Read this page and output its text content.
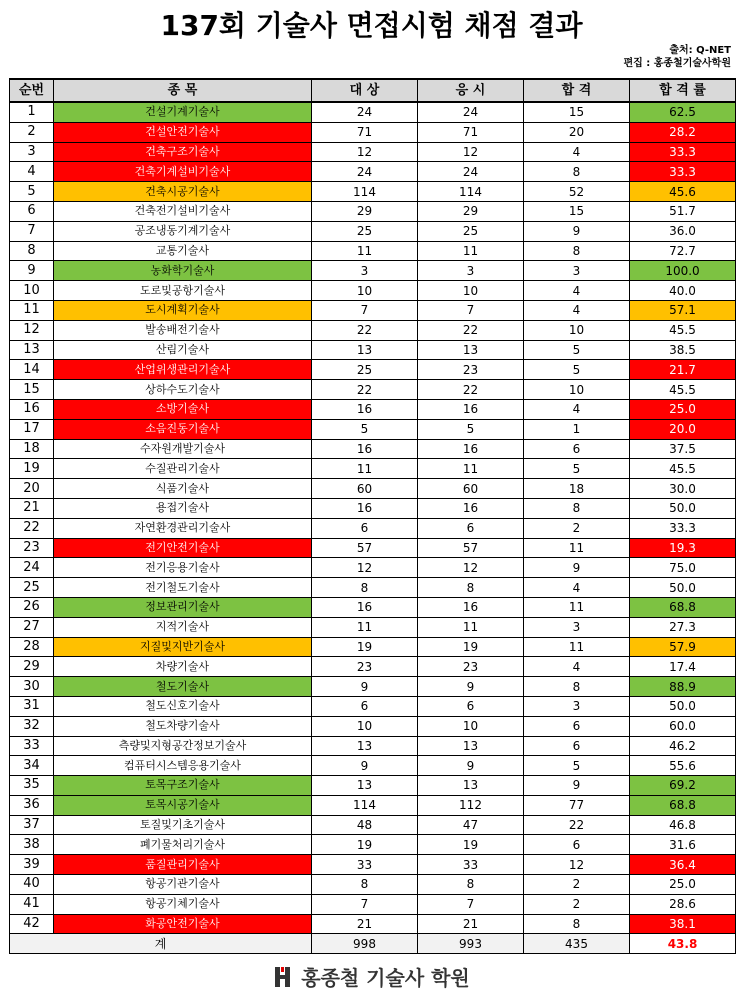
137회 기술사 면접시험 채점 결과
출처: Q-NET
편집 : 홍종철기술사학원
순번	종 목	대 상	응 시	합 격	합 격 률
1	건설기계기술사	24	24	15	62.5
2	건설안전기술사	71	71	20	28.2
3	건축구조기술사	12	12	4	33.3
4	건축기계설비기술사	24	24	8	33.3
5	건축시공기술사	114	114	52	45.6
6	건축전기설비기술사	29	29	15	51.7
7	공조냉동기계기술사	25	25	9	36.0
8	교통기술사	11	11	8	72.7
9	농화학기술사	3	3	3	100.0
10	도로및공항기술사	10	10	4	40.0
11	도시계획기술사	7	7	4	57.1
12	발송배전기술사	22	22	10	45.5
13	산림기술사	13	13	5	38.5
14	산업위생관리기술사	25	23	5	21.7
15	상하수도기술사	22	22	10	45.5
16	소방기술사	16	16	4	25.0
17	소음진동기술사	5	5	1	20.0
18	수자원개발기술사	16	16	6	37.5
19	수질관리기술사	11	11	5	45.5
20	식품기술사	60	60	18	30.0
21	용접기술사	16	16	8	50.0
22	자연환경관리기술사	6	6	2	33.3
23	전기안전기술사	57	57	11	19.3
24	전기응용기술사	12	12	9	75.0
25	전기철도기술사	8	8	4	50.0
26	정보관리기술사	16	16	11	68.8
27	지적기술사	11	11	3	27.3
28	지질및지반기술사	19	19	11	57.9
29	차량기술사	23	23	4	17.4
30	철도기술사	9	9	8	88.9
31	철도신호기술사	6	6	3	50.0
32	철도차량기술사	10	10	6	60.0
33	측량및지형공간정보기술사	13	13	6	46.2
34	컴퓨터시스템응용기술사	9	9	5	55.6
35	토목구조기술사	13	13	9	69.2
36	토목시공기술사	114	112	77	68.8
37	토질및기초기술사	48	47	22	46.8
38	폐기물처리기술사	19	19	6	31.6
39	품질관리기술사	33	33	12	36.4
40	항공기관기술사	8	8	2	25.0
41	항공기체기술사	7	7	2	28.6
42	화공안전기술사	21	21	8	38.1
계		998	993	435	43.8
홍종철 기술사 학원
